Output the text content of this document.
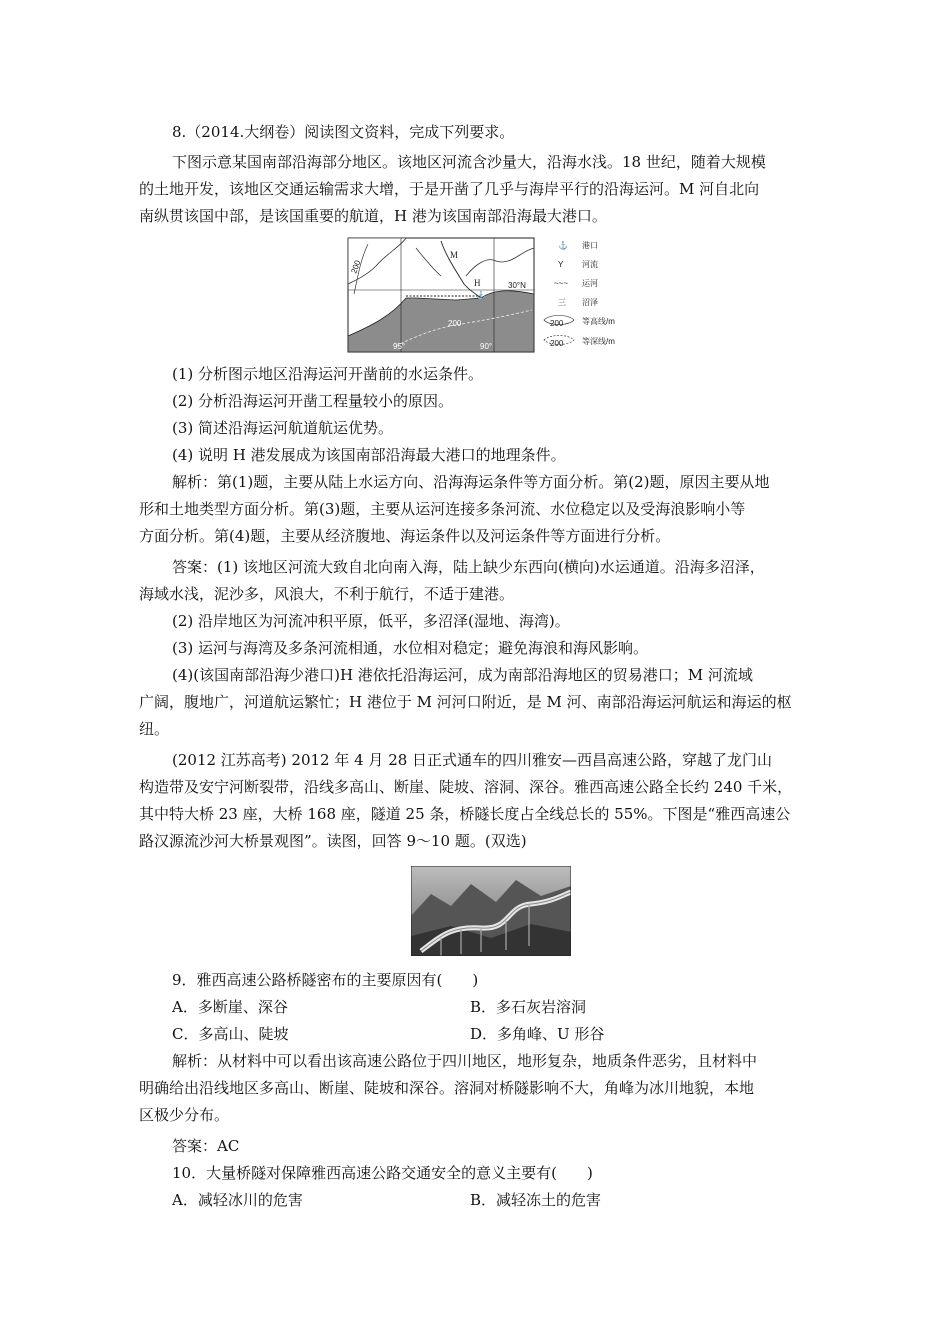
8.（2014.大纲卷）阅读图文资料，完成下列要求。
下图示意某国南部沿海部分地区。该地区河流含沙量大，沿海水浅。18 世纪，随着大规模
的土地开发，该地区交通运输需求大增，于是开凿了几乎与海岸平行的沿海运河。M 河自北向
南纵贯该国中部，是该国重要的航道，H 港为该国南部沿海最大港口。
200
M
H
⚓
30°N
200
95°	90°
⚓ 港口
Y 河流
~~~ 运河
三 沼泽
200 等高线/m
200 等深线/m
(1) 分析图示地区沿海运河开凿前的水运条件。
(2) 分析沿海运河开凿工程量较小的原因。
(3) 简述沿海运河航道航运优势。
(4) 说明 H 港发展成为该国南部沿海最大港口的地理条件。
解析：第(1)题，主要从陆上水运方向、沿海海运条件等方面分析。第(2)题，原因主要从地
形和土地类型方面分析。第(3)题，主要从运河连接多条河流、水位稳定以及受海浪影响小等
方面分析。第(4)题，主要从经济腹地、海运条件以及河运条件等方面进行分析。
答案：(1) 该地区河流大致自北向南入海，陆上缺少东西向(横向)水运通道。沿海多沼泽，
海域水浅，泥沙多，风浪大，不利于航行，不适于建港。
(2) 沿岸地区为河流冲积平原，低平，多沼泽(湿地、海湾)。
(3) 运河与海湾及多条河流相通，水位相对稳定；避免海浪和海风影响。
(4)(该国南部沿海少港口)H 港依托沿海运河，成为南部沿海地区的贸易港口；M 河流域
广阔，腹地广，河道航运繁忙；H 港位于 M 河河口附近，是 M 河、南部沿海运河航运和海运的枢
纽。
(2012 江苏高考) 2012 年 4 月 28 日正式通车的四川雅安—西昌高速公路，穿越了龙门山
构造带及安宁河断裂带，沿线多高山、断崖、陡坡、溶洞、深谷。雅西高速公路全长约 240 千米，
其中特大桥 23 座，大桥 168 座，隧道 25 条，桥隧长度占全线总长的 55%。下图是“雅西高速公
路汉源流沙河大桥景观图”。读图，回答 9～10 题。(双选)
9．雅西高速公路桥隧密布的主要原因有(　　)
A．多断崖、深谷	B．多石灰岩溶洞
C．多高山、陡坡	D．多角峰、U 形谷
解析：从材料中可以看出该高速公路位于四川地区，地形复杂，地质条件恶劣，且材料中
明确给出沿线地区多高山、断崖、陡坡和深谷。溶洞对桥隧影响不大，角峰为冰川地貌，本地
区极少分布。
答案：AC
10．大量桥隧对保障雅西高速公路交通安全的意义主要有(　　)
A．减轻冰川的危害	B．减轻冻土的危害
